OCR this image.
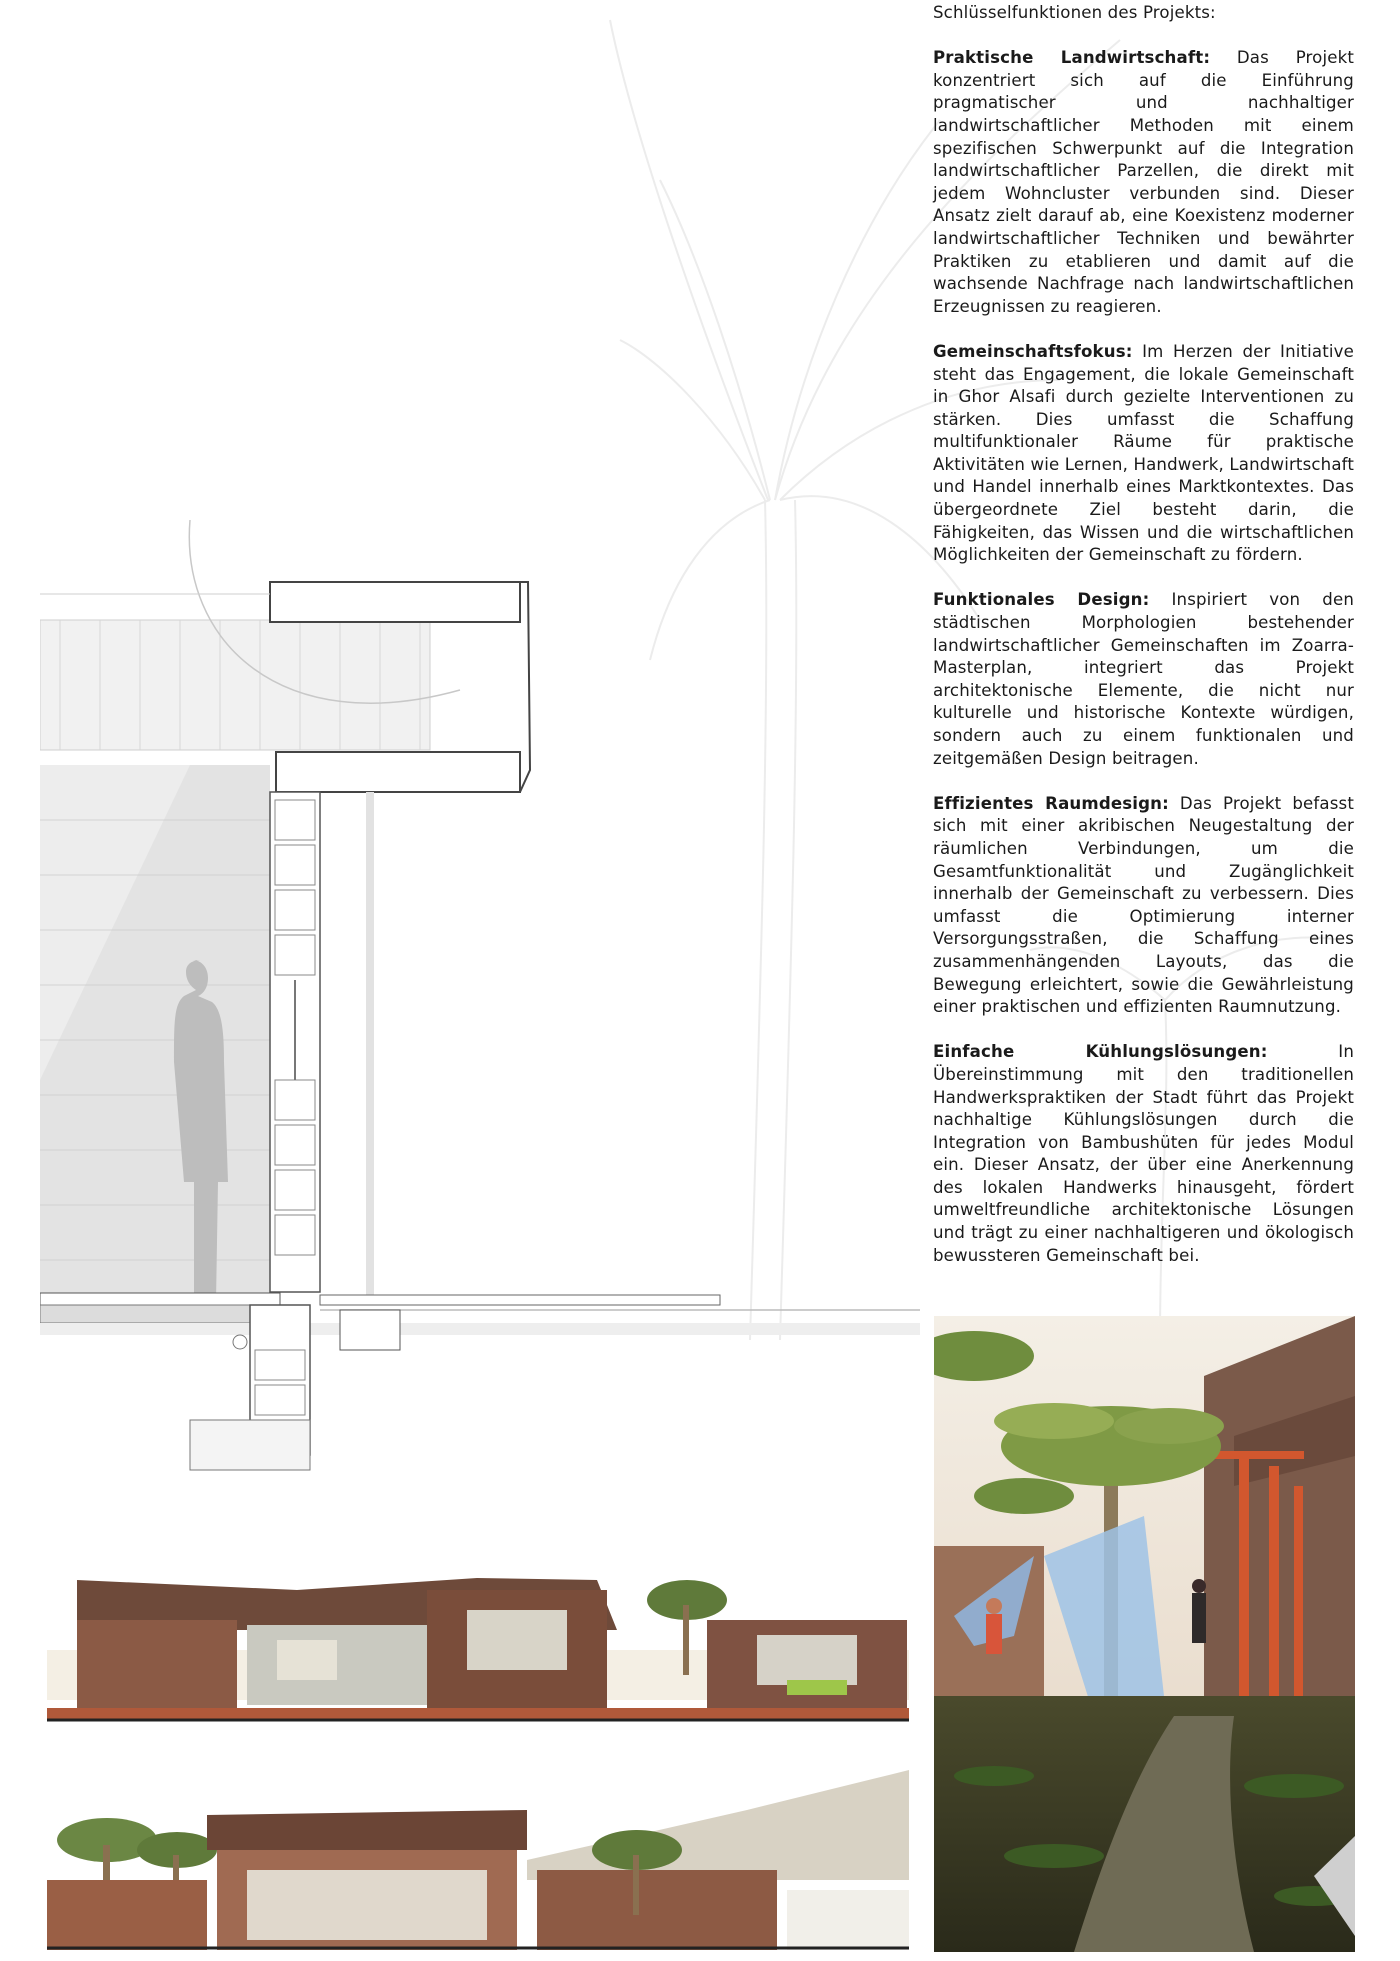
Schlüsselfunktionen des Projekts:

Praktische Landwirtschaft: Das Projekt konzentriert sich auf die Einführung pragmatischer und nachhaltiger landwirtschaftlicher Methoden mit einem spezifischen Schwerpunkt auf die Integration landwirtschaftlicher Parzellen, die direkt mit jedem Wohncluster verbunden sind. Dieser Ansatz zielt darauf ab, eine Koexistenz moderner landwirtschaftlicher Techniken und bewährter Praktiken zu etablieren und damit auf die wachsende Nachfrage nach landwirtschaftlichen Erzeugnissen zu reagieren.

Gemeinschaftsfokus: Im Herzen der Initiative steht das Engagement, die lokale Gemeinschaft in Ghor Alsafi durch gezielte Interventionen zu stärken. Dies umfasst die Schaffung multifunktionaler Räume für praktische Aktivitäten wie Lernen, Handwerk, Landwirtschaft und Handel innerhalb eines Marktkontextes. Das übergeordnete Ziel besteht darin, die Fähigkeiten, das Wissen und die wirtschaftlichen Möglichkeiten der Gemeinschaft zu fördern.

Funktionales Design: Inspiriert von den städtischen Morphologien bestehender landwirtschaftlicher Gemeinschaften im Zoarra-Masterplan, integriert das Projekt architektonische Elemente, die nicht nur kulturelle und historische Kontexte würdigen, sondern auch zu einem funktionalen und zeitgemäßen Design beitragen.

Effizientes Raumdesign: Das Projekt befasst sich mit einer akribischen Neugestaltung der räumlichen Verbindungen, um die Gesamtfunktionalität und Zugänglichkeit innerhalb der Gemeinschaft zu verbessern. Dies umfasst die Optimierung interner Versorgungsstraßen, die Schaffung eines zusammenhängenden Layouts, das die Bewegung erleichtert, sowie die Gewährleistung einer praktischen und effizienten Raumnutzung.

Einfache Kühlungslösungen: In Übereinstimmung mit den traditionellen Handwerkspraktiken der Stadt führt das Projekt nachhaltige Kühlungslösungen durch die Integration von Bambushüten für jedes Modul ein. Dieser Ansatz, der über eine Anerkennung des lokalen Handwerks hinausgeht, fördert umweltfreundliche architektonische Lösungen und trägt zu einer nachhaltigeren und ökologisch bewussteren Gemeinschaft bei.
